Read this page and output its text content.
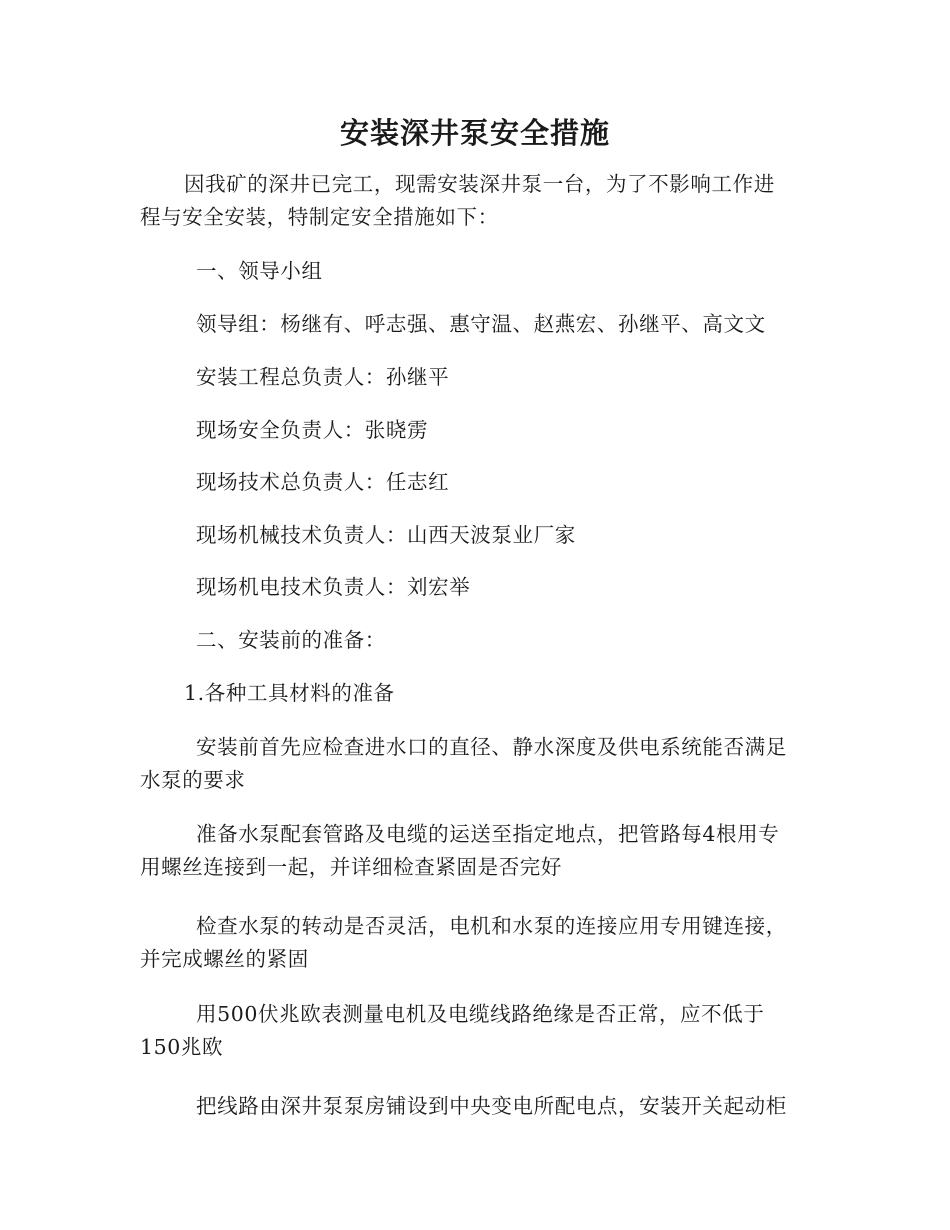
安装深井泵安全措施
因我矿的深井已完工，现需安装深井泵一台，为了不影响工作进
程与安全安装，特制定安全措施如下：
一、领导小组
领导组：杨继有、呼志强、惠守温、赵燕宏、孙继平、高文文
安装工程总负责人：孙继平
现场安全负责人：张晓雳
现场技术总负责人：任志红
现场机械技术负责人：山西天波泵业厂家
现场机电技术负责人：刘宏举
二、安装前的准备：
1.各种工具材料的准备
安装前首先应检查进水口的直径、静水深度及供电系统能否满足
水泵的要求
准备水泵配套管路及电缆的运送至指定地点，把管路每4根用专
用螺丝连接到一起，并详细检查紧固是否完好
检查水泵的转动是否灵活，电机和水泵的连接应用专用键连接，
并完成螺丝的紧固
用500伏兆欧表测量电机及电缆线路绝缘是否正常，应不低于
150兆欧
把线路由深井泵泵房铺设到中央变电所配电点，安装开关起动柜
